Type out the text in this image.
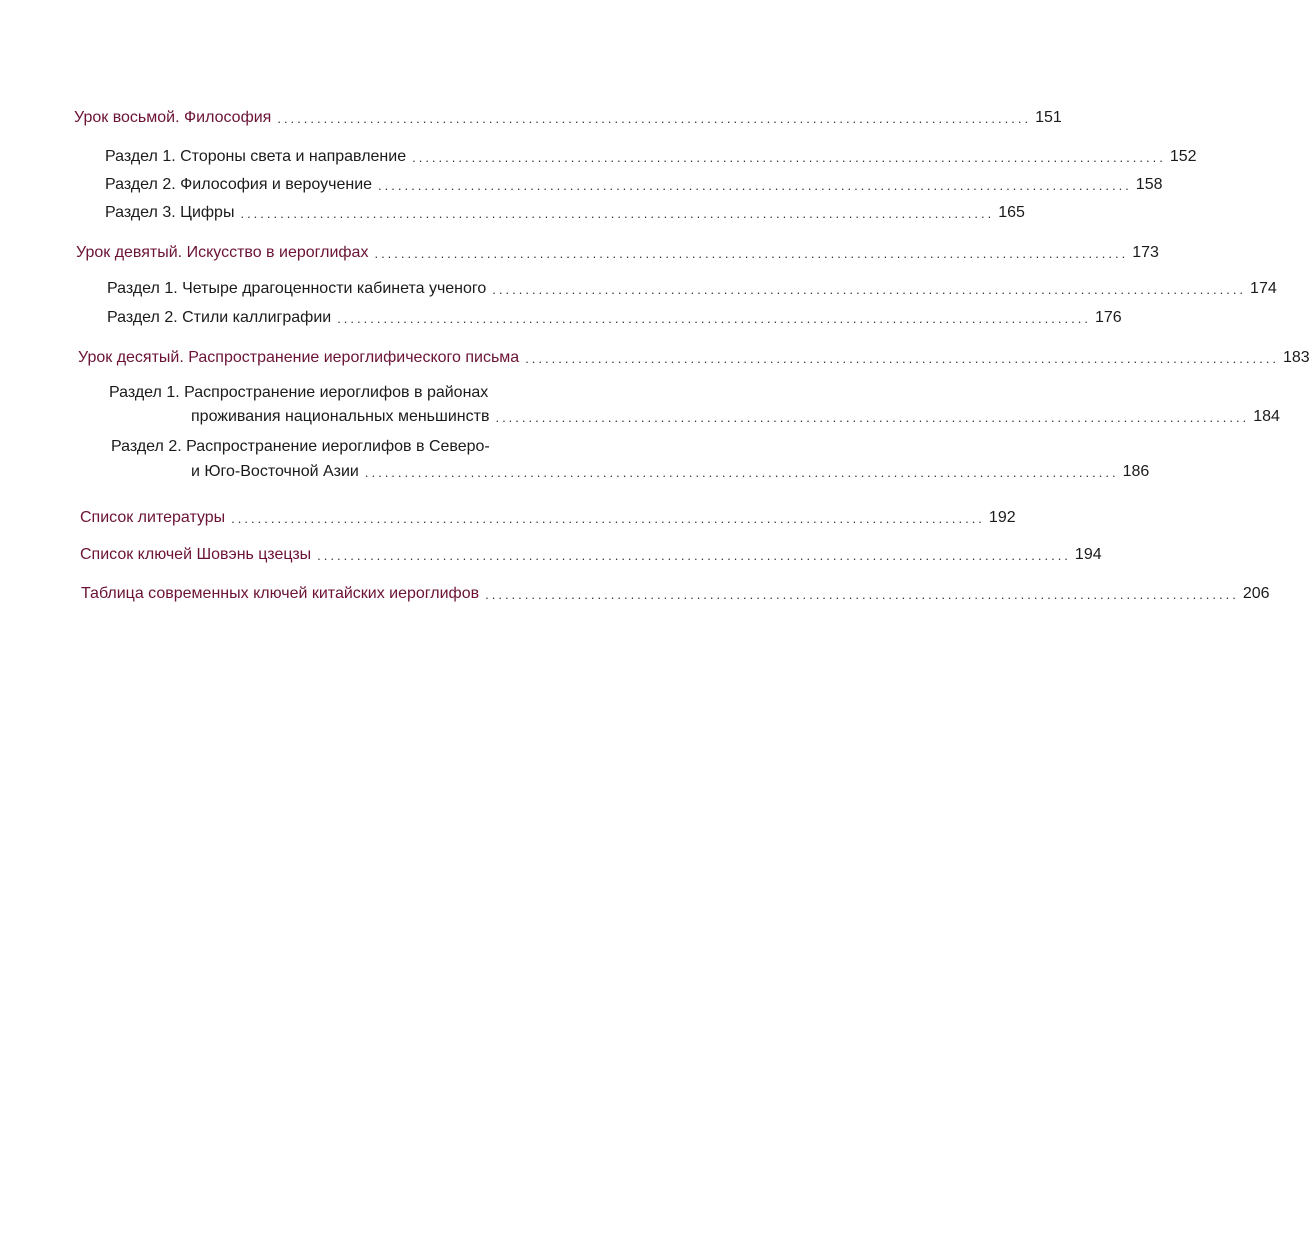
Урок восьмой. Философия .................................................................................................................. 151
Раздел 1. Стороны света и направление .................................................................................................................. 152
Раздел 2. Философия и вероучение .................................................................................................................. 158
Раздел 3. Цифры .................................................................................................................. 165
Урок девятый. Искусство в иероглифах .................................................................................................................. 173
Раздел 1. Четыре драгоценности кабинета ученого .................................................................................................................. 174
Раздел 2. Стили каллиграфии .................................................................................................................. 176
Урок десятый. Распространение иероглифического письма .................................................................................................................. 183
Раздел 1. Распространение иероглифов в районах
проживания национальных меньшинств .................................................................................................................. 184
Раздел 2. Распространение иероглифов в Северо-
и Юго-Восточной Азии .................................................................................................................. 186
Список литературы .................................................................................................................. 192
Список ключей Шовэнь цзецзы .................................................................................................................. 194
Таблица современных ключей китайских иероглифов .................................................................................................................. 206
